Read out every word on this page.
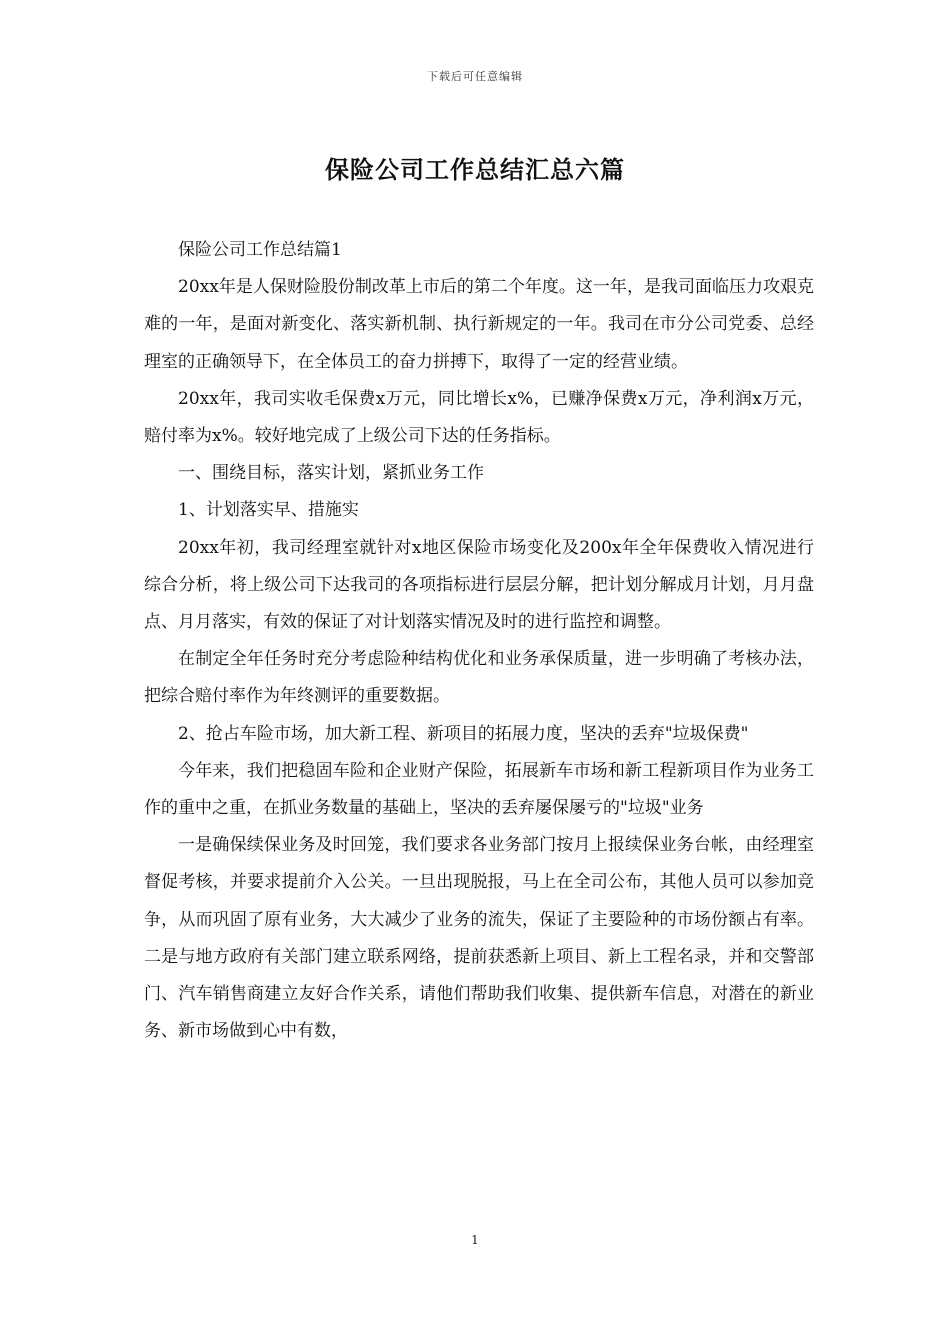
下载后可任意编辑
保险公司工作总结汇总六篇

保险公司工作总结篇1

20xx年是人保财险股份制改革上市后的第二个年度。这一年，是我司面临压力攻艰克难的一年，是面对新变化、落实新机制、执行新规定的一年。我司在市分公司党委、总经理室的正确领导下，在全体员工的奋力拼搏下，取得了一定的经营业绩。

20xx年，我司实收毛保费x万元，同比增长x%，已赚净保费x万元，净利润x万元，赔付率为x%。较好地完成了上级公司下达的任务指标。

一、围绕目标，落实计划，紧抓业务工作

1、计划落实早、措施实

20xx年初，我司经理室就针对x地区保险市场变化及200x年全年保费收入情况进行综合分析，将上级公司下达我司的各项指标进行层层分解，把计划分解成月计划，月月盘点、月月落实，有效的保证了对计划落实情况及时的进行监控和调整。

在制定全年任务时充分考虑险种结构优化和业务承保质量，进一步明确了考核办法，把综合赔付率作为年终测评的重要数据。

2、抢占车险市场，加大新工程、新项目的拓展力度，坚决的丢弃"垃圾保费"

今年来，我们把稳固车险和企业财产保险，拓展新车市场和新工程新项目作为业务工作的重中之重，在抓业务数量的基础上，坚决的丢弃屡保屡亏的"垃圾"业务

一是确保续保业务及时回笼，我们要求各业务部门按月上报续保业务台帐，由经理室督促考核，并要求提前介入公关。一旦出现脱报，马上在全司公布，其他人员可以参加竞争，从而巩固了原有业务，大大减少了业务的流失，保证了主要险种的市场份额占有率。二是与地方政府有关部门建立联系网络，提前获悉新上项目、新上工程名录，并和交警部门、汽车销售商建立友好合作关系，请他们帮助我们收集、提供新车信息，对潜在的新业务、新市场做到心中有数，

1
